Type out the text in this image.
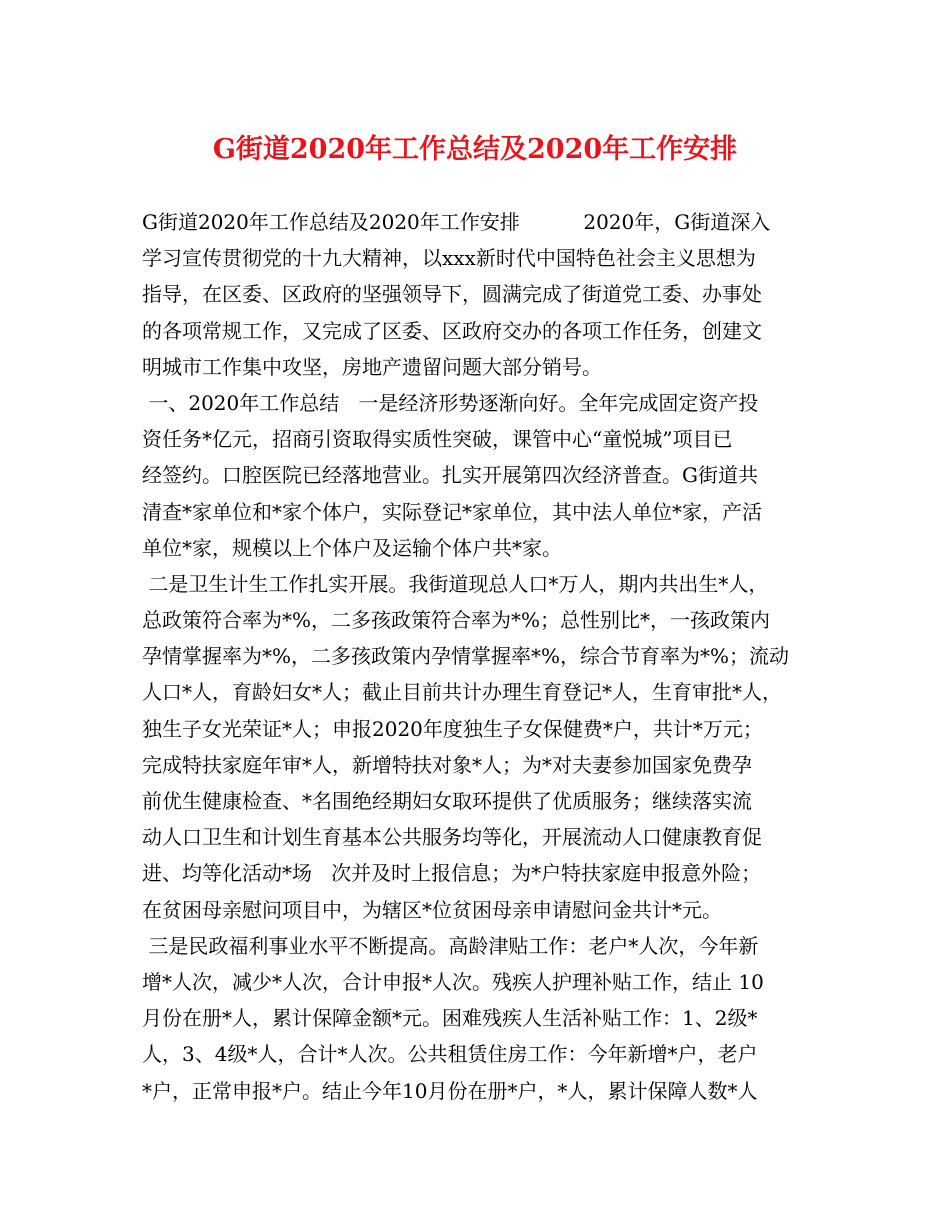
G街道2020年工作总结及2020年工作安排
G街道2020年工作总结及2020年工作安排          2020年，G街道深入
学习宣传贯彻党的十九大精神，以xxx新时代中国特色社会主义思想为
指导，在区委、区政府的坚强领导下，圆满完成了街道党工委、办事处
的各项常规工作，又完成了区委、区政府交办的各项工作任务，创建文
明城市工作集中攻坚，房地产遗留问题大部分销号。
一、2020年工作总结   一是经济形势逐渐向好。全年完成固定资产投
资任务*亿元，招商引资取得实质性突破，课管中心“童悦城”项目已
经签约。口腔医院已经落地营业。扎实开展第四次经济普查。G街道共
清查*家单位和*家个体户，实际登记*家单位，其中法人单位*家，产活
单位*家，规模以上个体户及运输个体户共*家。
二是卫生计生工作扎实开展。我街道现总人口*万人，期内共出生*人，
总政策符合率为*%，二多孩政策符合率为*%；总性别比*，一孩政策内
孕情掌握率为*%，二多孩政策内孕情掌握率*%，综合节育率为*%；流动
人口*人，育龄妇女*人；截止目前共计办理生育登记*人，生育审批*人，
独生子女光荣证*人；申报2020年度独生子女保健费*户，共计*万元；
完成特扶家庭年审*人，新增特扶对象*人；为*对夫妻参加国家免费孕
前优生健康检查、*名围绝经期妇女取环提供了优质服务；继续落实流
动人口卫生和计划生育基本公共服务均等化，开展流动人口健康教育促
进、均等化活动*场   次并及时上报信息；为*户特扶家庭申报意外险；
在贫困母亲慰问项目中，为辖区*位贫困母亲申请慰问金共计*元。
三是民政福利事业水平不断提高。高龄津贴工作：老户*人次，今年新
增*人次，减少*人次，合计申报*人次。残疾人护理补贴工作，结止 10
月份在册*人，累计保障金额*元。困难残疾人生活补贴工作：1、2级*
人，3、4级*人，合计*人次。公共租赁住房工作：今年新增*户，老户
*户，正常申报*户。结止今年10月份在册*户，*人，累计保障人数*人
